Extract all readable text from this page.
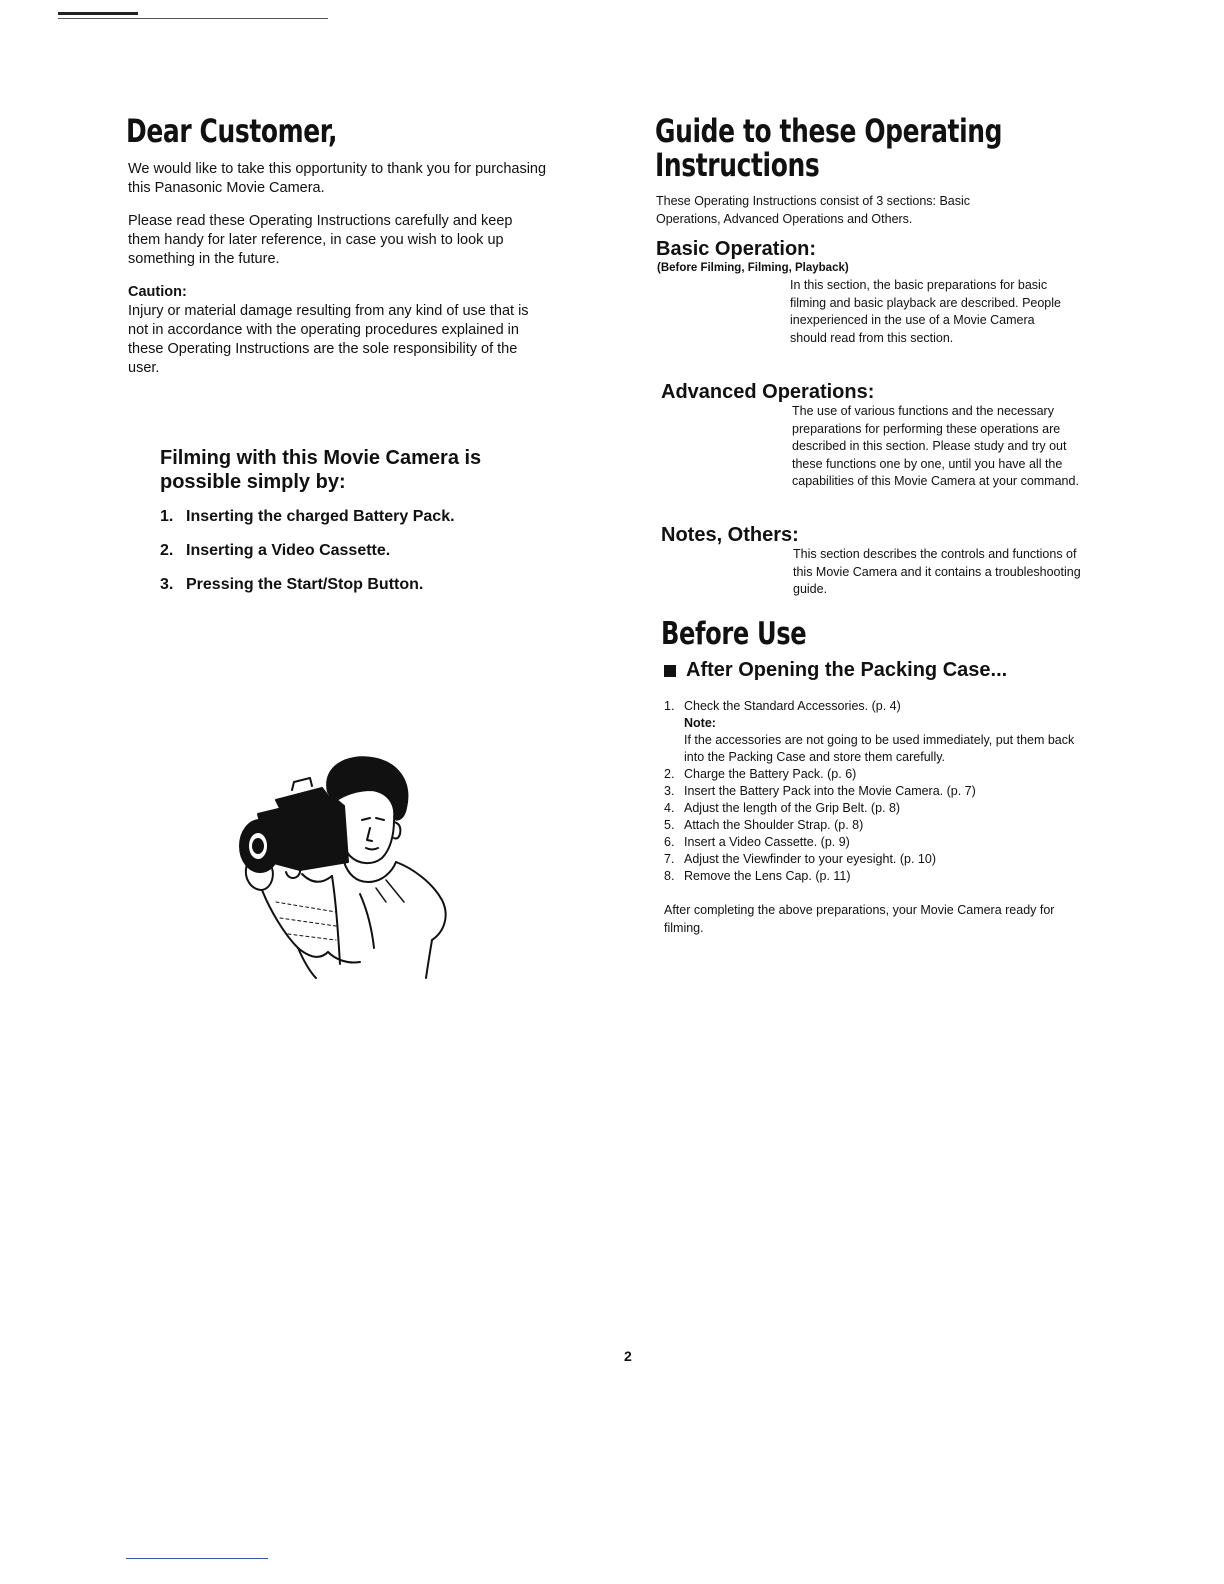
Dear Customer,

We would like to take this opportunity to thank you for purchasing this Panasonic Movie Camera.

Please read these Operating Instructions carefully and keep them handy for later reference, in case you wish to look up something in the future.

Caution:

Injury or material damage resulting from any kind of use that is not in accordance with the operating procedures explained in these Operating Instructions are the sole responsibility of the user.

Filming with this Movie Camera is possible simply by:

1. Inserting the charged Battery Pack.
2. Inserting a Video Cassette.
3. Pressing the Start/Stop Button.
Guide to these Operating
Instructions

These Operating Instructions consist of 3 sections: Basic Operations, Advanced Operations and Others.

Basic Operation:
(Before Filming, Filming, Playback)

In this section, the basic preparations for basic filming and basic playback are described. People inexperienced in the use of a Movie Camera should read from this section.

Advanced Operations:

The use of various functions and the necessary preparations for performing these operations are described in this section. Please study and try out these functions one by one, until you have all the capabilities of this Movie Camera at your command.

Notes, Others:

This section describes the controls and functions of this Movie Camera and it contains a troubleshooting guide.

Before Use
After Opening the Packing Case...
1. Check the Standard Accessories. (p. 4)
Note:
If the accessories are not going to be used immediately, put them back into the Packing Case and store them carefully.
2. Charge the Battery Pack. (p. 6)
3. Insert the Battery Pack into the Movie Camera. (p. 7)
4. Adjust the length of the Grip Belt. (p. 8)
5. Attach the Shoulder Strap. (p. 8)
6. Insert a Video Cassette. (p. 9)
7. Adjust the Viewfinder to your eyesight. (p. 10)
8. Remove the Lens Cap. (p. 11)

After completing the above preparations, your Movie Camera ready for filming.

2
